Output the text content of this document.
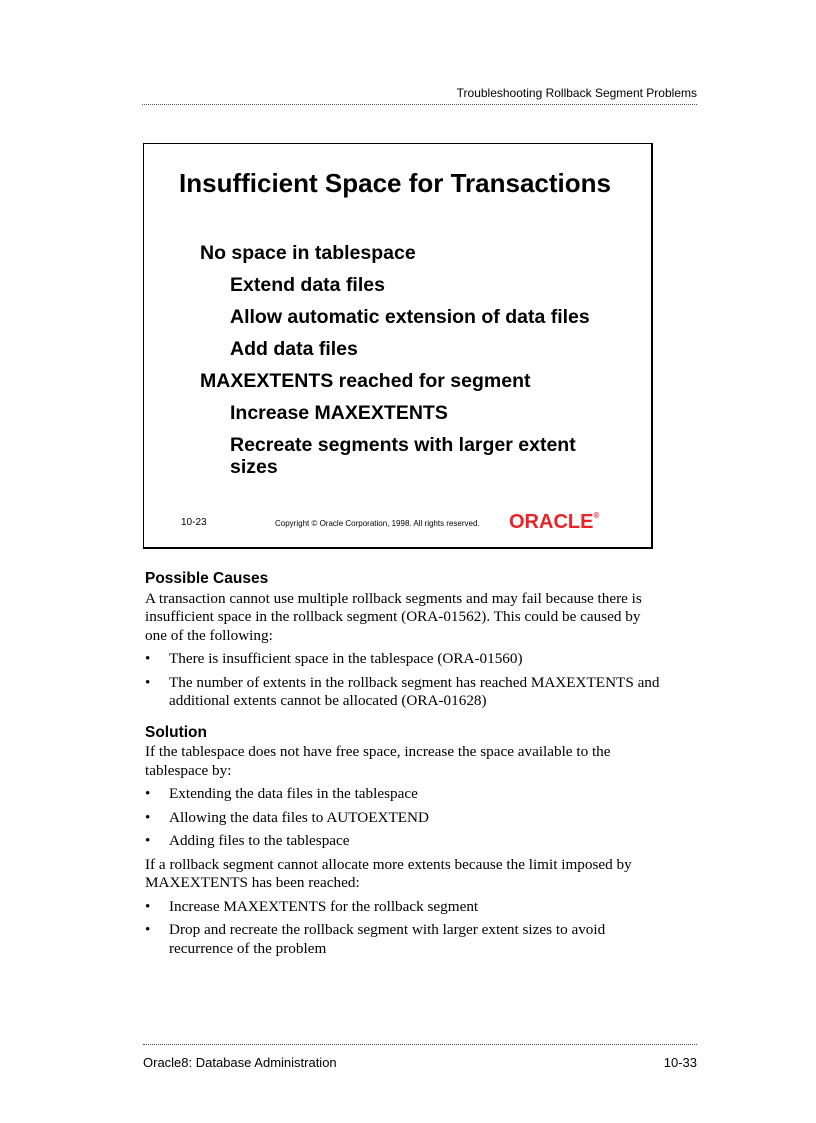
Troubleshooting Rollback Segment Problems
Insufficient Space for Transactions
No space in tablespace
Extend data files
Allow automatic extension of data files
Add data files
MAXEXTENTS reached for segment
Increase MAXEXTENTS
Recreate segments with larger extent sizes
10-23	Copyright © Oracle Corporation, 1998. All rights reserved. ORACLE®
Possible Causes

A transaction cannot use multiple rollback segments and may fail because there is insufficient space in the rollback segment (ORA-01562). This could be caused by one of the following:

• There is insufficient space in the tablespace (ORA-01560)
• The number of extents in the rollback segment has reached MAXEXTENTS and additional extents cannot be allocated (ORA-01628)
Solution

If the tablespace does not have free space, increase the space available to the tablespace by:

• Extending the data files in the tablespace
• Allowing the data files to AUTOEXTEND
• Adding files to the tablespace

If a rollback segment cannot allocate more extents because the limit imposed by MAXEXTENTS has been reached:

• Increase MAXEXTENTS for the rollback segment
• Drop and recreate the rollback segment with larger extent sizes to avoid recurrence of the problem
Oracle8: Database Administration	10-33
